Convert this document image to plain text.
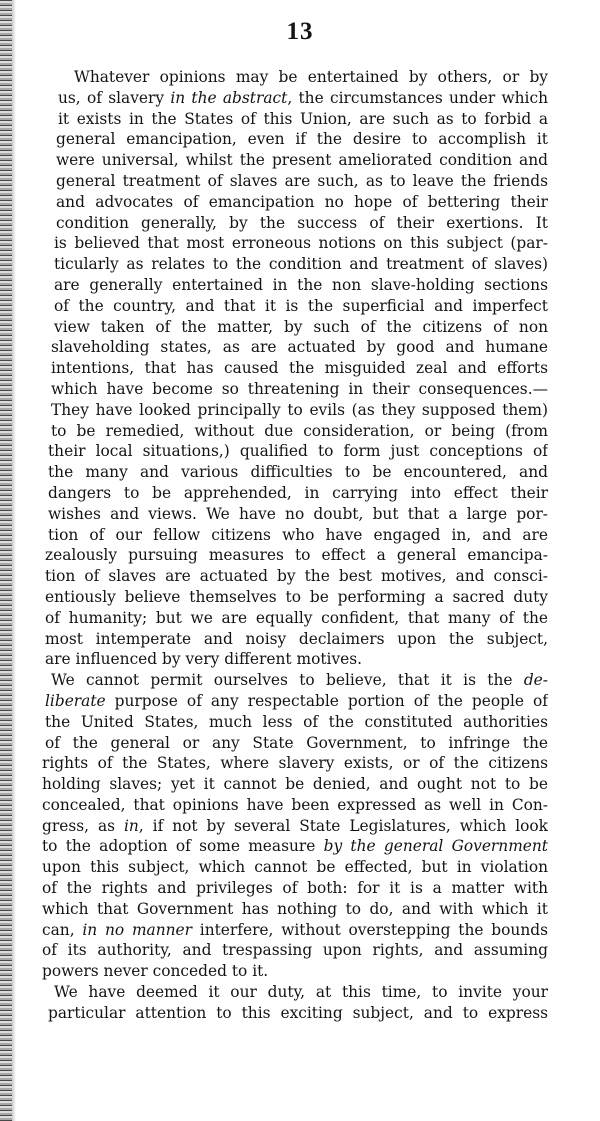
13
Whatever opinions may be entertained by others, or by
us, of slavery in the abstract, the circumstances under which
it exists in the States of this Union, are such as to forbid a
general emancipation, even if the desire to accomplish it
were universal, whilst the present ameliorated condition and
general treatment of slaves are such, as to leave the friends
and advocates of emancipation no hope of bettering their
condition generally, by the success of their exertions. It
is believed that most erroneous notions on this subject (par-
ticularly as relates to the condition and treatment of slaves)
are generally entertained in the non slave-holding sections
of the country, and that it is the superficial and imperfect
view taken of the matter, by such of the citizens of non
slaveholding states, as are actuated by good and humane
intentions, that has caused the misguided zeal and efforts
which have become so threatening in their consequences.—
They have looked principally to evils (as they supposed them)
to be remedied, without due consideration, or being (from
their local situations,) qualified to form just conceptions of
the many and various difficulties to be encountered, and
dangers to be apprehended, in carrying into effect their
wishes and views. We have no doubt, but that a large por-
tion of our fellow citizens who have engaged in, and are
zealously pursuing measures to effect a general emancipa-
tion of slaves are actuated by the best motives, and consci-
entiously believe themselves to be performing a sacred duty
of humanity; but we are equally confident, that many of the
most intemperate and noisy declaimers upon the subject,
are influenced by very different motives.
We cannot permit ourselves to believe, that it is the de-
liberate purpose of any respectable portion of the people of
the United States, much less of the constituted authorities
of the general or any State Government, to infringe the
rights of the States, where slavery exists, or of the citizens
holding slaves; yet it cannot be denied, and ought not to be
concealed, that opinions have been expressed as well in Con-
gress, as in, if not by several State Legislatures, which look
to the adoption of some measure by the general Government
upon this subject, which cannot be effected, but in violation
of the rights and privileges of both: for it is a matter with
which that Government has nothing to do, and with which it
can, in no manner interfere, without overstepping the bounds
of its authority, and trespassing upon rights, and assuming
powers never conceded to it.
We have deemed it our duty, at this time, to invite your
particular attention to this exciting subject, and to express
